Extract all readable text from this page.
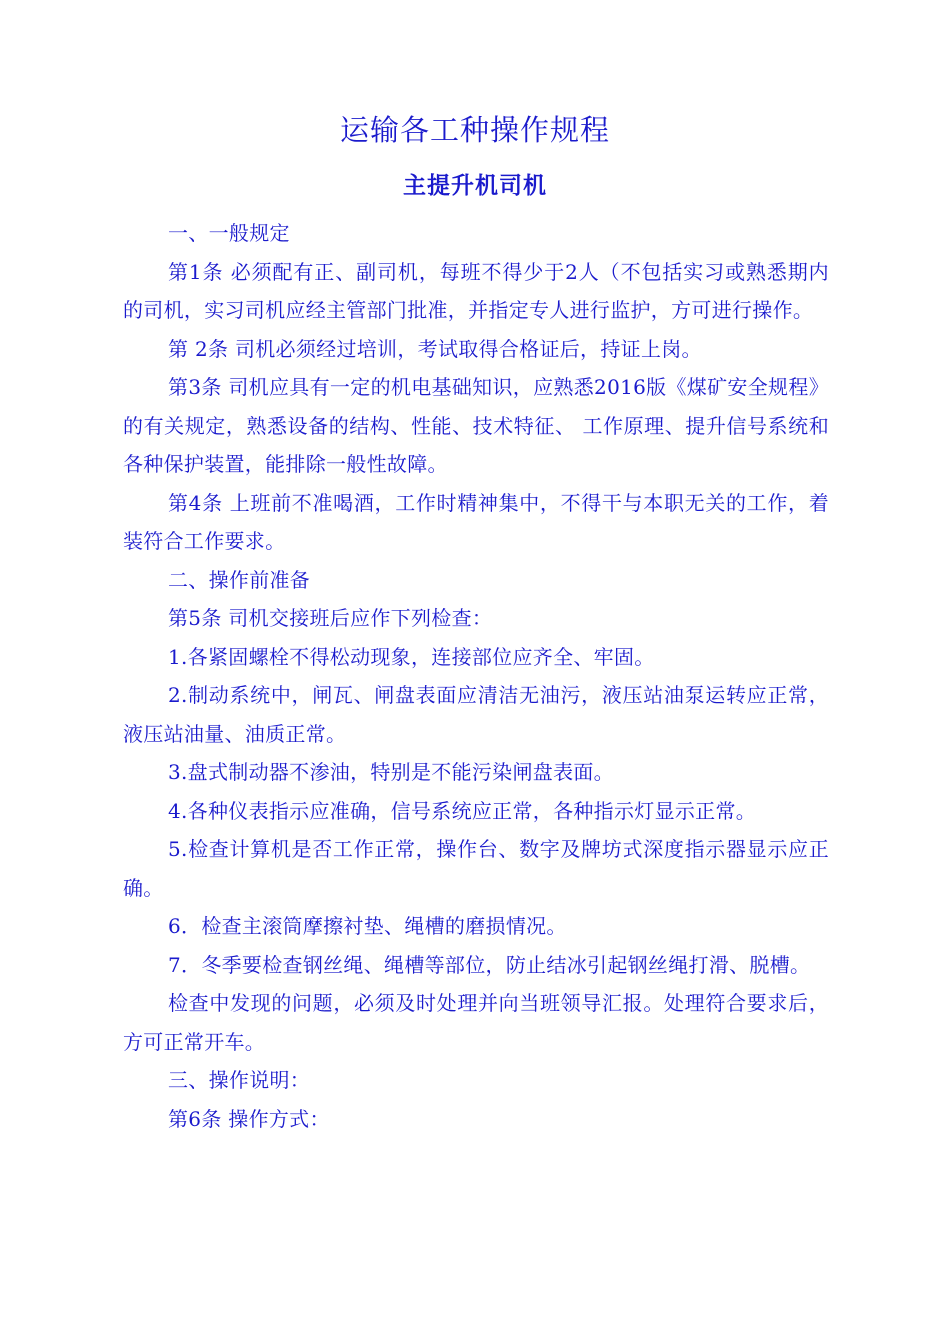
运输各工种操作规程
主提升机司机

一、一般规定

第1条 必须配有正、副司机，每班不得少于2人（不包括实习或熟悉期内的司机，实习司机应经主管部门批准，并指定专人进行监护，方可进行操作。

第 2条 司机必须经过培训，考试取得合格证后，持证上岗。

第3条 司机应具有一定的机电基础知识，应熟悉2016版《煤矿安全规程》的有关规定，熟悉设备的结构、性能、技术特征、 工作原理、提升信号系统和各种保护装置，能排除一般性故障。

第4条 上班前不准喝酒，工作时精神集中，不得干与本职无关的工作，着装符合工作要求。

二、操作前准备

第5条 司机交接班后应作下列检查：

1.各紧固螺栓不得松动现象，连接部位应齐全、牢固。

2.制动系统中，闸瓦、闸盘表面应清洁无油污，液压站油泵运转应正常，液压站油量、油质正常。

3.盘式制动器不渗油，特别是不能污染闸盘表面。

4.各种仪表指示应准确，信号系统应正常，各种指示灯显示正常。

5.检查计算机是否工作正常，操作台、数字及牌坊式深度指示器显示应正确。

6．检查主滚筒摩擦衬垫、绳槽的磨损情况。

7．冬季要检查钢丝绳、绳槽等部位，防止结冰引起钢丝绳打滑、脱槽。

检查中发现的问题，必须及时处理并向当班领导汇报。处理符合要求后，方可正常开车。

三、操作说明：

第6条 操作方式：
